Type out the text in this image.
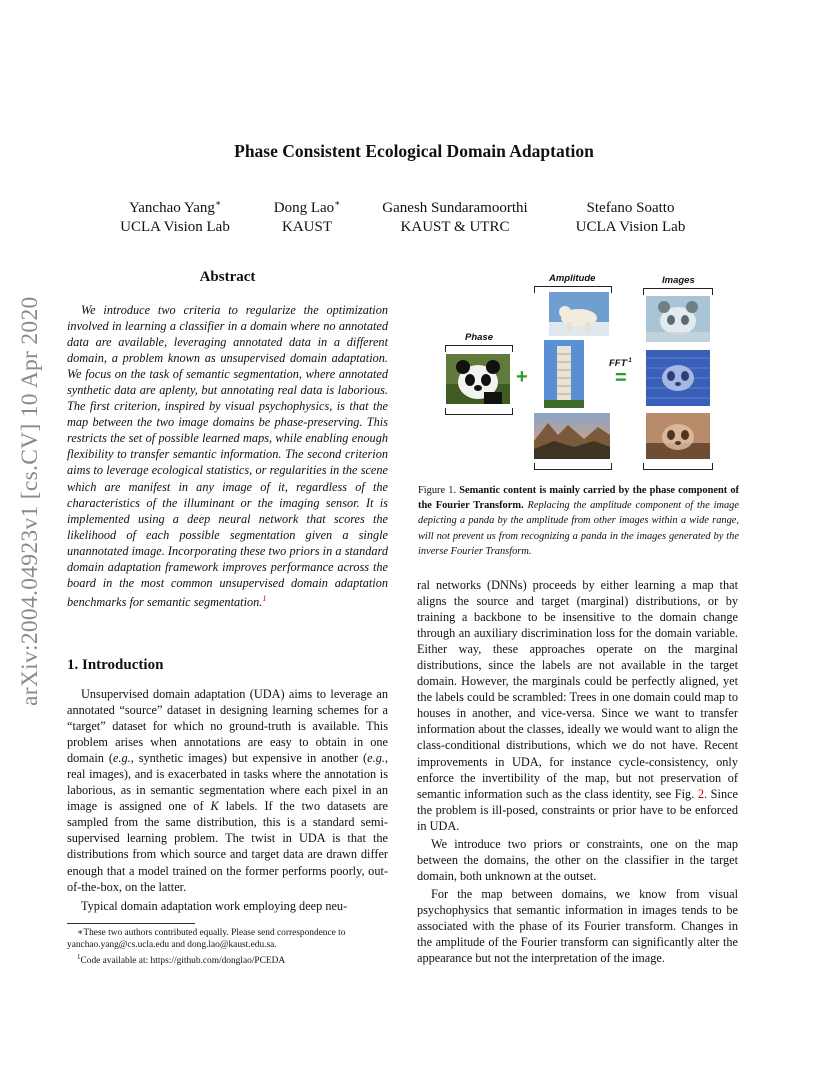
Phase Consistent Ecological Domain Adaptation
Yanchao Yang∗
UCLA Vision Lab
Dong Lao∗
KAUST
Ganesh Sundaramoorthi
KAUST & UTRC
Stefano Soatto
UCLA Vision Lab
arXiv:2004.04923v1 [cs.CV] 10 Apr 2020
Abstract
We introduce two criteria to regularize the optimization involved in learning a classifier in a domain where no annotated data are available, leveraging annotated data in a different domain, a problem known as unsupervised domain adaptation. We focus on the task of semantic segmentation, where annotated synthetic data are aplenty, but annotating real data is laborious. The first criterion, inspired by visual psychophysics, is that the map between the two image domains be phase-preserving. This restricts the set of possible learned maps, while enabling enough flexibility to transfer semantic information. The second criterion aims to leverage ecological statistics, or regularities in the scene which are manifest in any image of it, regardless of the characteristics of the illuminant or the imaging sensor. It is implemented using a deep neural network that scores the likelihood of each possible segmentation given a single unannotated image. Incorporating these two priors in a standard domain adaptation framework improves performance across the board in the most common unsupervised domain adaptation benchmarks for semantic segmentation.$^1$
1. Introduction

Unsupervised domain adaptation (UDA) aims to leverage an annotated “source” dataset in designing learning schemes for a “target” dataset for which no ground-truth is available. This problem arises when annotations are easy to obtain in one domain (e.g., synthetic images) but expensive in another (e.g., real images), and is exacerbated in tasks where the annotation is laborious, as in semantic segmentation where each pixel in an image is assigned one of K labels. If the two datasets are sampled from the same distribution, this is a standard semi-supervised learning problem. The twist in UDA is that the distributions from which source and target data are drawn differ enough that a model trained on the former performs poorly, out-of-the-box, on the latter.

Typical domain adaptation work employing deep neu-

∗These two authors contributed equally. Please send correspondence to yanchao.yang@cs.ucla.edu and dong.lao@kaust.edu.sa.
$^1$Code available at: https://github.com/donglao/PCEDA
Amplitude	Images
Phase
$FFT^{-1}$
+	=
Figure 1. Semantic content is mainly carried by the phase component of the Fourier Transform. Replacing the amplitude component of the image depicting a panda by the amplitude from other images within a wide range, will not prevent us from recognizing a panda in the images generated by the inverse Fourier Transform.

ral networks (DNNs) proceeds by either learning a map that aligns the source and target (marginal) distributions, or by training a backbone to be insensitive to the domain change through an auxiliary discrimination loss for the domain variable. Either way, these approaches operate on the marginal distributions, since the labels are not available in the target domain. However, the marginals could be perfectly aligned, yet the labels could be scrambled: Trees in one domain could map to houses in another, and vice-versa. Since we want to transfer information about the classes, ideally we would want to align the class-conditional distributions, which we do not have. Recent improvements in UDA, for instance cycle-consistency, only enforce the invertibility of the map, but not preservation of semantic information such as the class identity, see Fig. 2. Since the problem is ill-posed, constraints or prior have to be enforced in UDA.

We introduce two priors or constraints, one on the map between the domains, the other on the classifier in the target domain, both unknown at the outset.

For the map between domains, we know from visual psychophysics that semantic information in images tends to be associated with the phase of its Fourier transform. Changes in the amplitude of the Fourier transform can significantly alter the appearance but not the interpretation of the image.
